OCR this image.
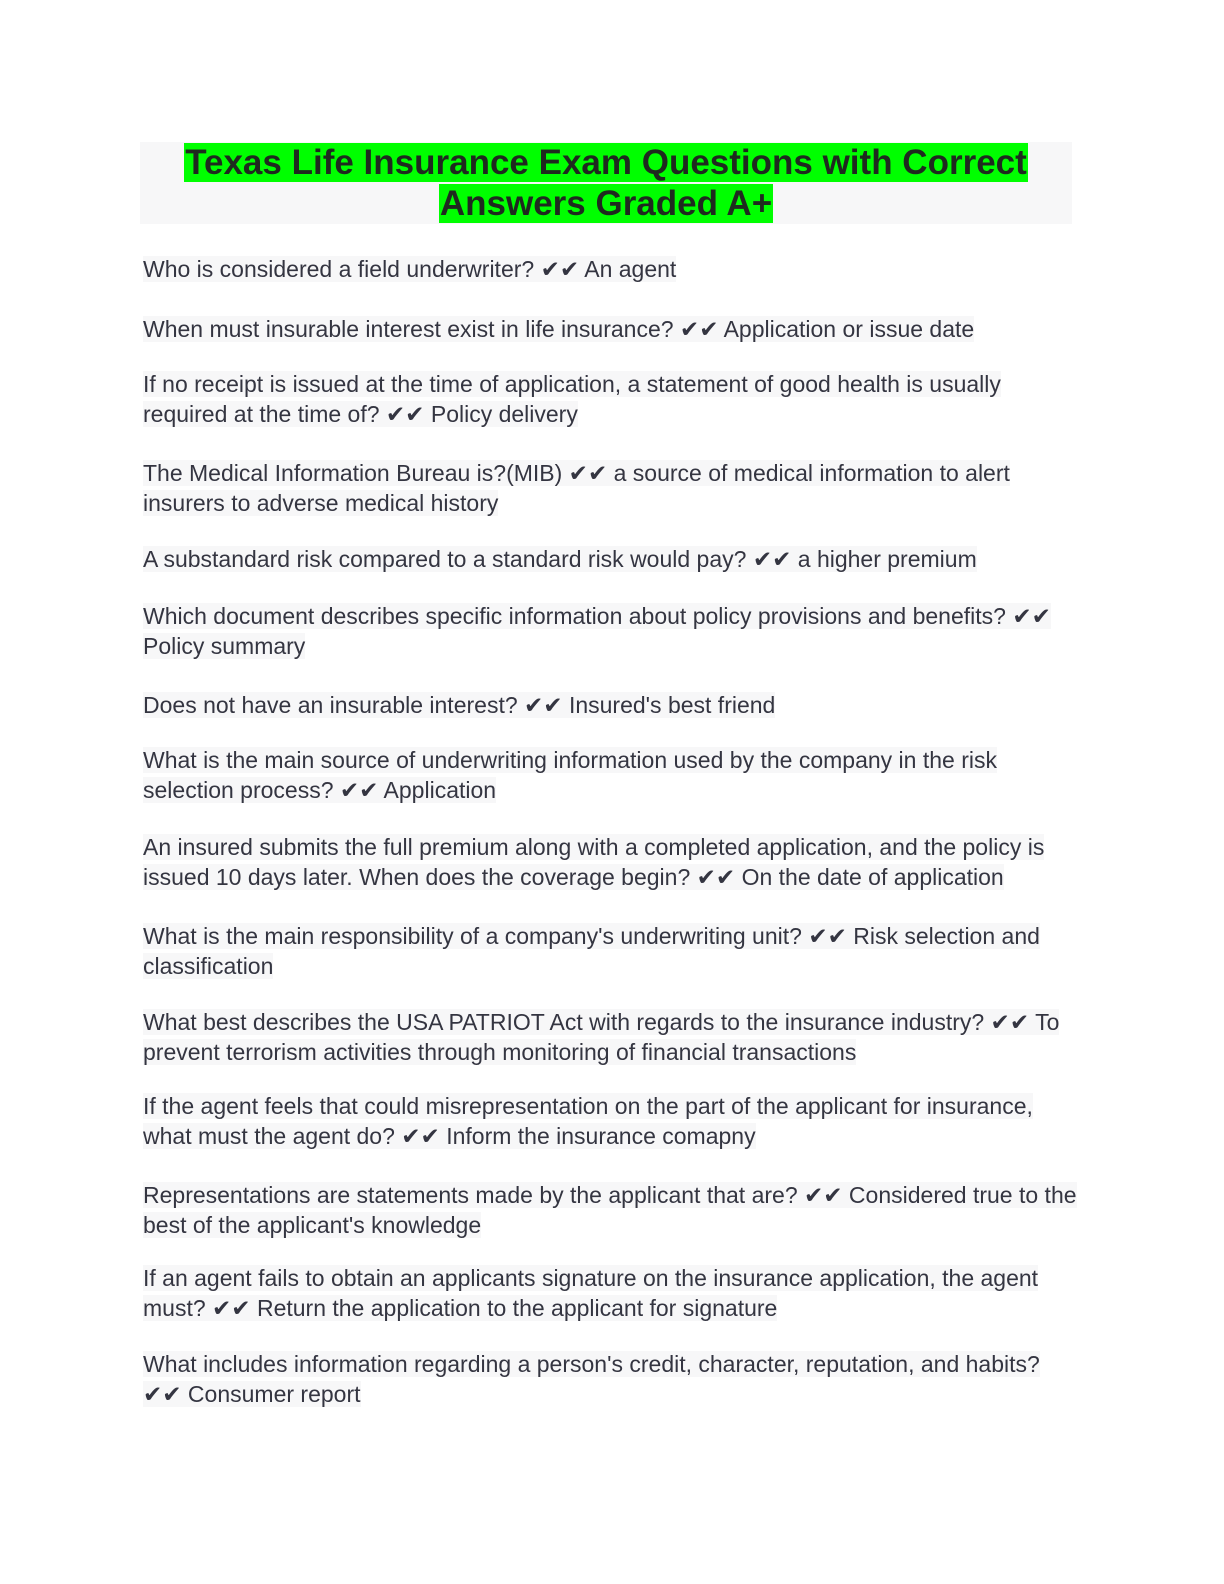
Texas Life Insurance Exam Questions with Correct
Answers Graded A+

Who is considered a field underwriter? ✔✔ An agent

When must insurable interest exist in life insurance? ✔✔ Application or issue date

If no receipt is issued at the time of application, a statement of good health is usually required at the time of? ✔✔ Policy delivery

The Medical Information Bureau is?(MIB) ✔✔ a source of medical information to alert insurers to adverse medical history

A substandard risk compared to a standard risk would pay? ✔✔ a higher premium

Which document describes specific information about policy provisions and benefits? ✔✔ Policy summary

Does not have an insurable interest? ✔✔ Insured's best friend

What is the main source of underwriting information used by the company in the risk selection process? ✔✔ Application

An insured submits the full premium along with a completed application, and the policy is issued 10 days later. When does the coverage begin? ✔✔ On the date of application

What is the main responsibility of a company's underwriting unit? ✔✔ Risk selection and classification

What best describes the USA PATRIOT Act with regards to the insurance industry? ✔✔ To prevent terrorism activities through monitoring of financial transactions

If the agent feels that could misrepresentation on the part of the applicant for insurance, what must the agent do? ✔✔ Inform the insurance comapny

Representations are statements made by the applicant that are? ✔✔ Considered true to the best of the applicant's knowledge

If an agent fails to obtain an applicants signature on the insurance application, the agent must? ✔✔ Return the application to the applicant for signature

What includes information regarding a person's credit, character, reputation, and habits? ✔✔ Consumer report
